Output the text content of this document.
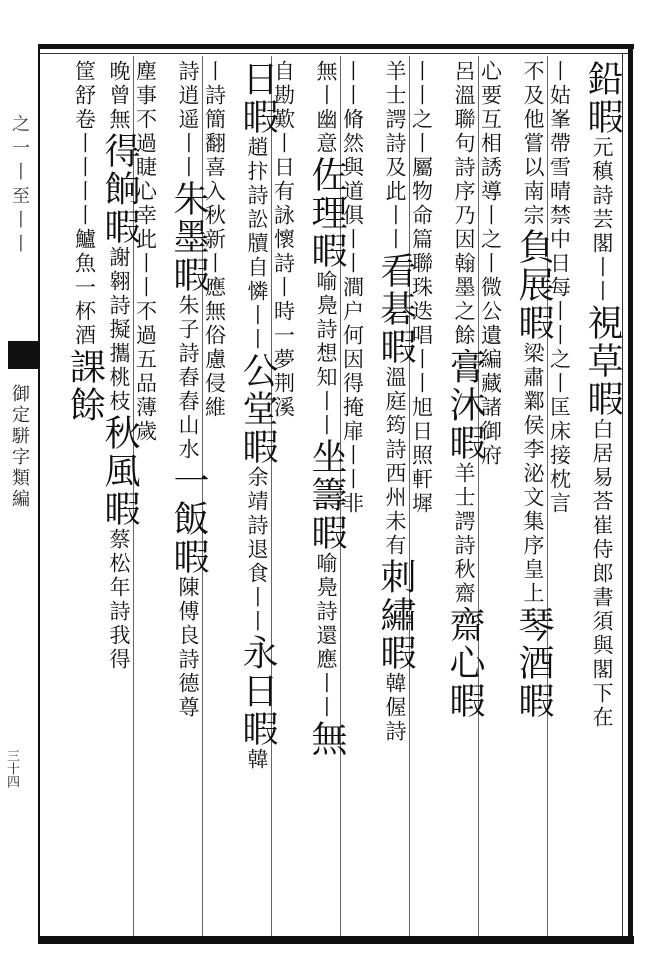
之一丨至丨丨
御定駢字類編
三十四
鉛暇元稹詩芸閣丨丨視草暇白居易荅崔侍郎書須與閣下在
丨姑峯帶雪晴禁中日每丨丨之丨匡床接枕言
不及他嘗以南宗負展暇梁肅鄴侯李泌文集序皇上琴酒暇
心要互相誘導丨之丨微公遺編藏諸御府
呂溫聯句詩序乃因翰墨之餘膏沐暇羊士諤詩秋齋齋心暇
丨丨之丨屬物命篇聯珠迭唱丨丨旭日照軒墀
羊士諤詩及此丨丨看碁暇溫庭筠詩西州未有刺繡暇韓偓詩
丨丨脩然與道俱丨丨澗户何因得掩扉丨丨非
無丨幽意佐理暇喻鳧詩想知丨丨坐籌暇喻鳧詩還應丨丨無
自勘歎丨日有詠懷詩丨時一夢荆溪
日暇趙抃詩訟牘自憐丨丨公堂暇余靖詩退食丨丨永日暇韓
丨詩簡翻喜入秋新丨應無俗慮侵維
詩逍遥丨丨朱墨暇朱子詩舂舂山水一飯暇陳傅良詩德尊
塵事不過睫心幸此丨丨不過五品薄歲
晚曾無得餉暇謝翱詩擬攜桃枝秋風暇蔡松年詩我得
筐舒卷丨丨丨丨鱸魚一杯酒課餘
